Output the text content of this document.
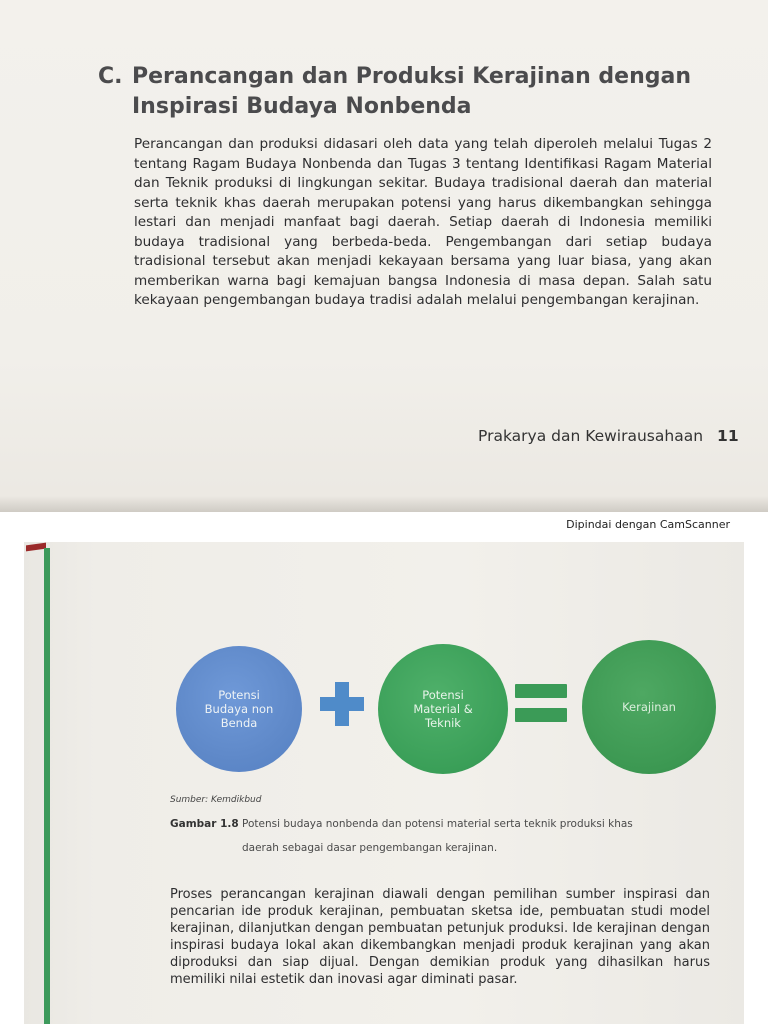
C. Perancangan dan Produksi Kerajinan dengan
Inspirasi Budaya Nonbenda

Perancangan dan produksi didasari oleh data yang telah diperoleh melalui Tugas 2 tentang Ragam Budaya Nonbenda dan Tugas 3 tentang Identifikasi Ragam Material dan Teknik produksi di lingkungan sekitar. Budaya tradisional daerah dan material serta teknik khas daerah merupakan potensi yang harus dikembangkan sehingga lestari dan menjadi manfaat bagi daerah. Setiap daerah di Indonesia memiliki budaya tradisional yang berbeda-beda. Pengembangan dari setiap budaya tradisional tersebut akan menjadi kekayaan bersama yang luar biasa, yang akan memberikan warna bagi kemajuan bangsa Indonesia di masa depan. Salah satu kekayaan pengembangan budaya tradisi adalah melalui pengembangan kerajinan.

Prakarya dan Kewirausahaan 11
Dipindai dengan CamScanner
Potensi Budaya non Benda
Potensi Material & Teknik
Kerajinan
Sumber: Kemdikbud
Gambar 1.8 Potensi budaya nonbenda dan potensi material serta teknik produksi khas
daerah sebagai dasar pengembangan kerajinan.

Proses perancangan kerajinan diawali dengan pemilihan sumber inspirasi dan pencarian ide produk kerajinan, pembuatan sketsa ide, pembuatan studi model kerajinan, dilanjutkan dengan pembuatan petunjuk produksi. Ide kerajinan dengan inspirasi budaya lokal akan dikembangkan menjadi produk kerajinan yang akan diproduksi dan siap dijual. Dengan demikian produk yang dihasilkan harus memiliki nilai estetik dan inovasi agar diminati pasar.
